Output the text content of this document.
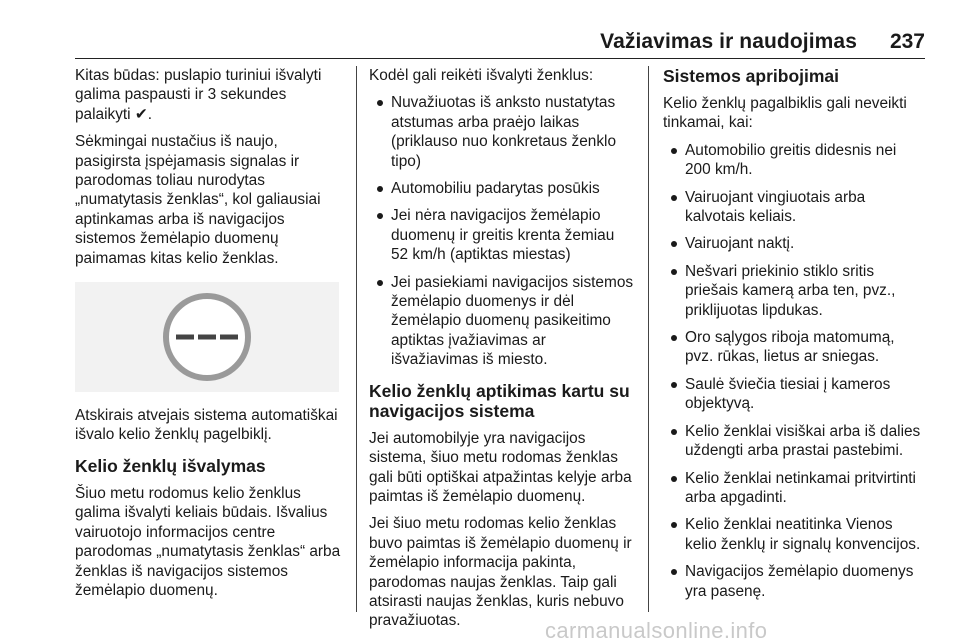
Važiavimas ir naudojimas 237

Kitas būdas: puslapio turiniui išvalyti galima paspausti ir 3 sekundes palaikyti ✔.

Sėkmingai nustačius iš naujo, pasigirsta įspėjamasis signalas ir parodomas toliau nurodytas „numatytasis ženklas“, kol galiausiai aptinkamas arba iš navigacijos sistemos žemėlapio duomenų paimamas kitas kelio ženklas.

Atskirais atvejais sistema automatiškai išvalo kelio ženklų pagelbiklį.

Kelio ženklų išvalymas

Šiuo metu rodomus kelio ženklus galima išvalyti keliais būdais. Išvalius vairuotojo informacijos centre parodomas „numatytasis ženklas“ arba ženklas iš navigacijos sistemos žemėlapio duomenų.

Kodėl gali reikėti išvalyti ženklus:

Nuvažiuotas iš anksto nustatytas atstumas arba praėjo laikas (priklauso nuo konkretaus ženklo tipo)
Automobiliu padarytas posūkis
Jei nėra navigacijos žemėlapio duomenų ir greitis krenta žemiau 52 km/h (aptiktas miestas)
Jei pasiekiami navigacijos sistemos žemėlapio duomenys ir dėl žemėlapio duomenų pasikeitimo aptiktas įvažiavimas ar išvažiavimas iš miesto.
Kelio ženklų aptikimas kartu su navigacijos sistema

Jei automobilyje yra navigacijos sistema, šiuo metu rodomas ženklas gali būti optiškai atpažintas kelyje arba paimtas iš žemėlapio duomenų.

Jei šiuo metu rodomas kelio ženklas buvo paimtas iš žemėlapio duomenų ir žemėlapio informacija pakinta, parodomas naujas ženklas. Taip gali atsirasti naujas ženklas, kuris nebuvo pravažiuotas.

Sistemos apribojimai

Kelio ženklų pagalbiklis gali neveikti tinkamai, kai:

Automobilio greitis didesnis nei 200 km/h.
Vairuojant vingiuotais arba kalvotais keliais.
Vairuojant naktį.
Nešvari priekinio stiklo sritis priešais kamerą arba ten, pvz., priklijuotas lipdukas.
Oro sąlygos riboja matomumą, pvz. rūkas, lietus ar sniegas.
Saulė šviečia tiesiai į kameros objektyvą.
Kelio ženklai visiškai arba iš dalies uždengti arba prastai pastebimi.
Kelio ženklai netinkamai pritvirtinti arba apgadinti.
Kelio ženklai neatitinka Vienos kelio ženklų ir signalų konvencijos.
Navigacijos žemėlapio duomenys yra pasenę.
carmanualsonline.info
